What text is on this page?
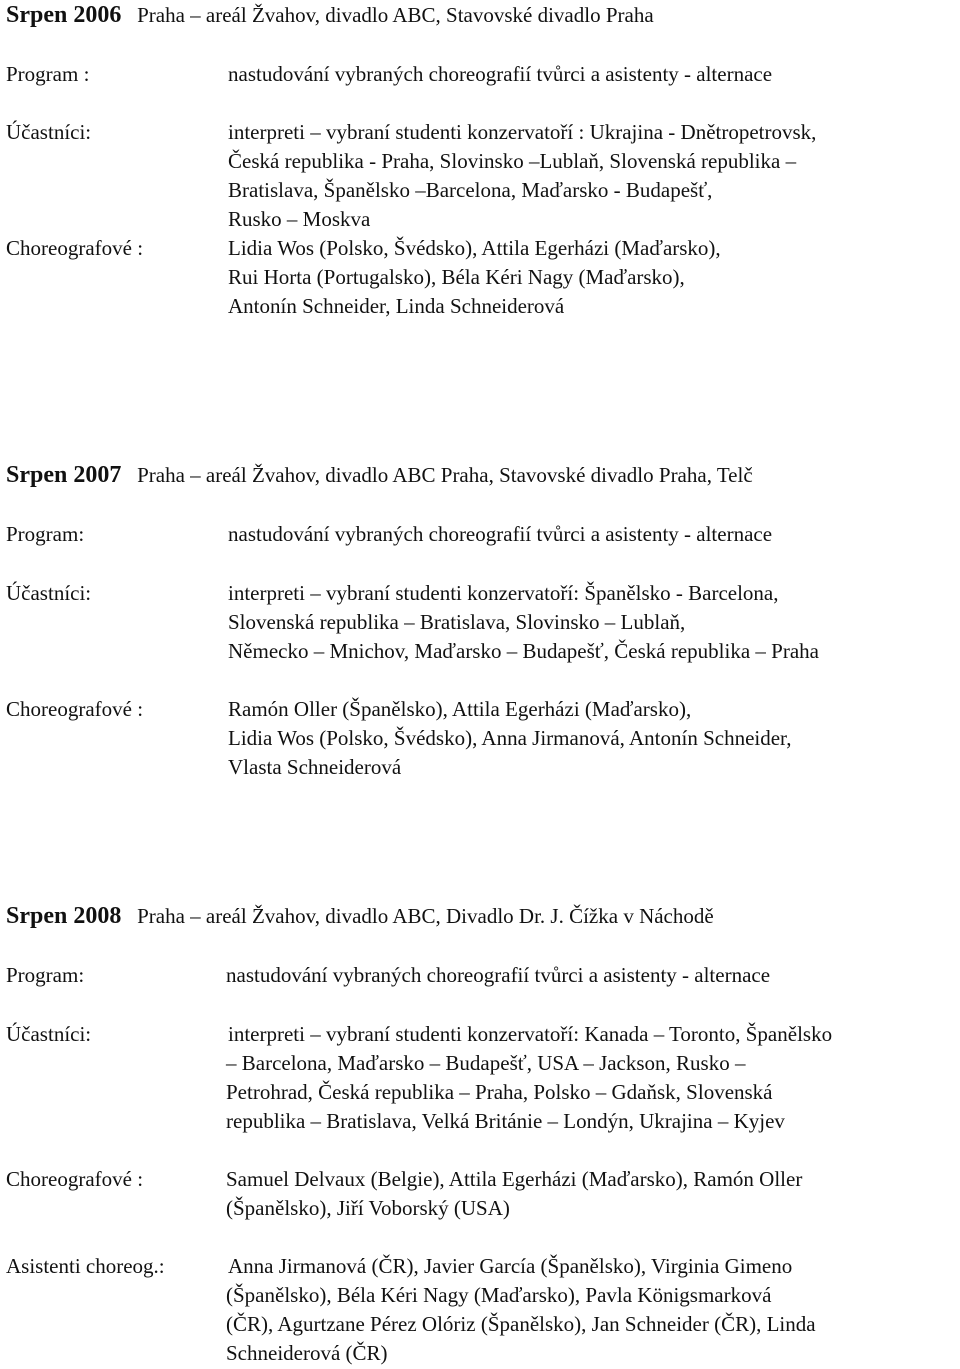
Srpen 2006 Praha – areál Žvahov, divadlo ABC, Stavovské divadlo Praha
Program :	nastudování vybraných choreografií tvůrci a asistenty - alternace
Účastníci:	interpreti – vybraní studenti konzervatoří : Ukrajina - Dnětropetrovsk,
Česká republika - Praha, Slovinsko –Lublaň, Slovenská republika –
Bratislava, Španělsko –Barcelona, Maďarsko - Budapešť,
Rusko – Moskva
Choreografové :	Lidia Wos (Polsko, Švédsko), Attila Egerházi (Maďarsko),
Rui Horta (Portugalsko), Béla Kéri Nagy (Maďarsko),
Antonín Schneider, Linda Schneiderová
Srpen 2007 Praha – areál Žvahov, divadlo ABC Praha, Stavovské divadlo Praha, Telč
Program:	nastudování vybraných choreografií tvůrci a asistenty - alternace
Účastníci:	interpreti – vybraní studenti konzervatoří: Španělsko - Barcelona,
Slovenská republika – Bratislava, Slovinsko – Lublaň,
Německo – Mnichov, Maďarsko – Budapešť, Česká republika – Praha
Choreografové :	Ramón Oller (Španělsko), Attila Egerházi (Maďarsko),
Lidia Wos (Polsko, Švédsko), Anna Jirmanová, Antonín Schneider,
Vlasta Schneiderová
Srpen 2008 Praha – areál Žvahov, divadlo ABC, Divadlo Dr. J. Čížka v Náchodě
Program:	nastudování vybraných choreografií tvůrci a asistenty - alternace
Účastníci:	interpreti – vybraní studenti konzervatoří: Kanada – Toronto, Španělsko
– Barcelona, Maďarsko – Budapešť, USA – Jackson, Rusko –
Petrohrad, Česká republika – Praha, Polsko – Gdaňsk, Slovenská
republika – Bratislava, Velká Británie – Londýn, Ukrajina – Kyjev
Choreografové :	Samuel Delvaux (Belgie), Attila Egerházi (Maďarsko), Ramón Oller
(Španělsko), Jiří Voborský (USA)
Asistenti choreog.:	Anna Jirmanová (ČR), Javier García (Španělsko), Virginia Gimeno
(Španělsko), Béla Kéri Nagy (Maďarsko), Pavla Königsmarková
(ČR), Agurtzane Pérez Olóriz (Španělsko), Jan Schneider (ČR), Linda
Schneiderová (ČR)
